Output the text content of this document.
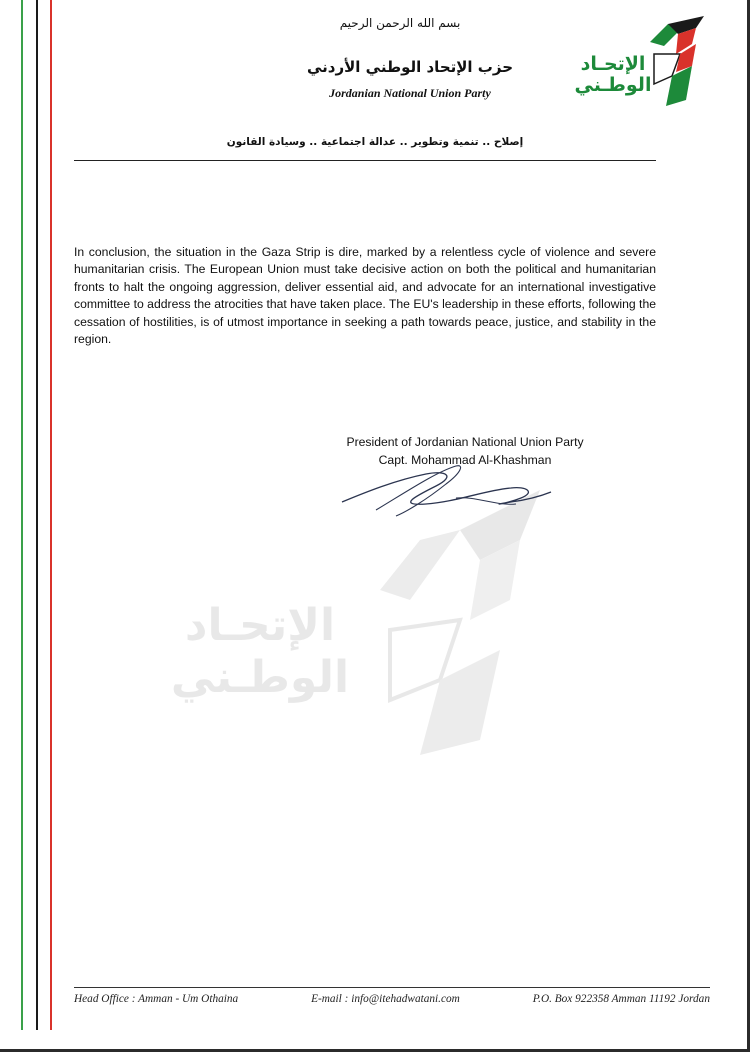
بسم الله الرحمن الرحيم
حزب الإتحاد الوطني الأردني
Jordanian National Union Party
الإتحـاد
الوطـني
إصلاح .. تنمية وتطوير .. عدالة اجتماعية .. وسيادة القانون
In conclusion, the situation in the Gaza Strip is dire, marked by a relentless cycle of violence and severe humanitarian crisis. The European Union must take decisive action on both the political and humanitarian fronts to halt the ongoing aggression, deliver essential aid, and advocate for an international investigative committee to address the atrocities that have taken place. The EU's leadership in these efforts, following the cessation of hostilities, is of utmost importance in seeking a path towards peace, justice, and stability in the region.
President of Jordanian National Union Party
Capt. Mohammad Al-Khashman
الإتحـاد
الوطـني
Head Office : Amman - Um Othaina	E-mail : info@itehadwatani.com	P.O. Box 922358 Amman 11192 Jordan
